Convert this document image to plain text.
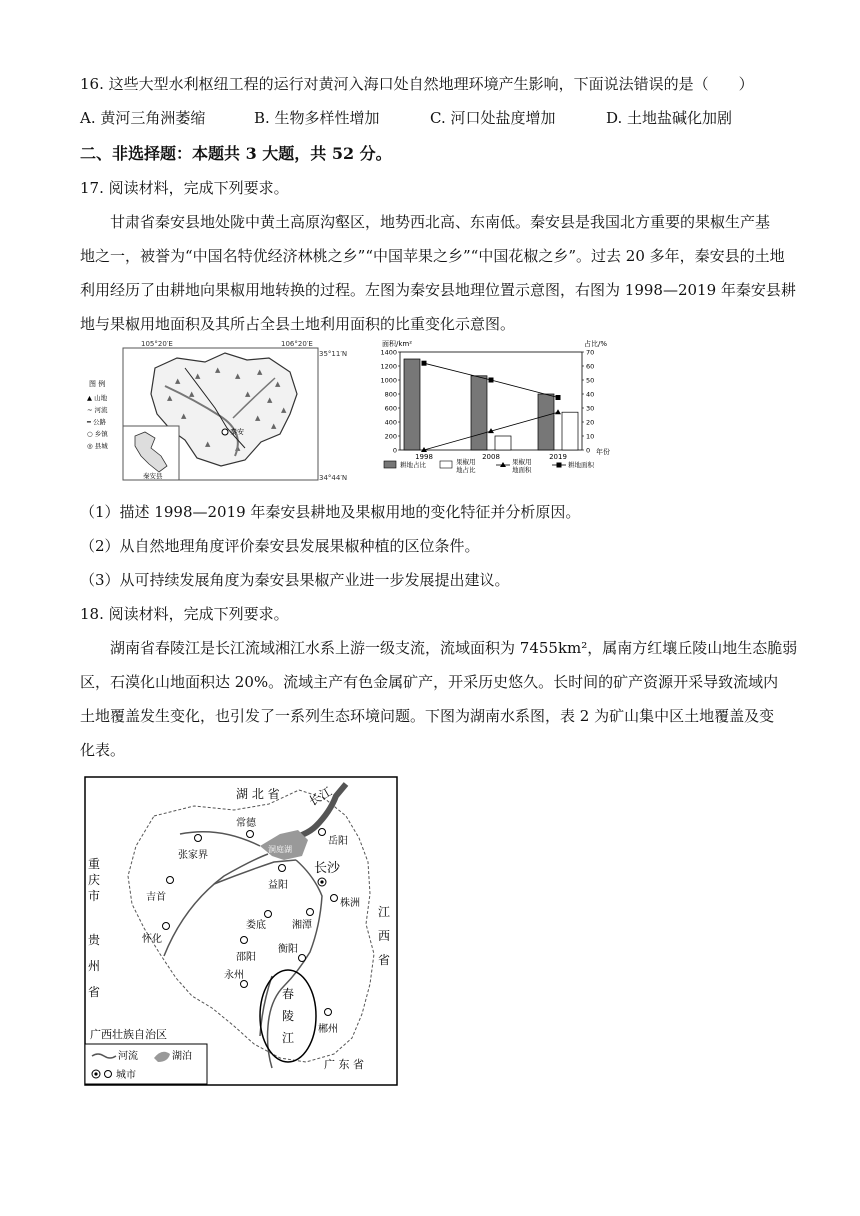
16. 这些大型水利枢纽工程的运行对黄河入海口处自然地理环境产生影响，下面说法错误的是（　　）
A. 黄河三角洲萎缩	B. 生物多样性增加	C. 河口处盐度增加	D. 土地盐碱化加剧
二、非选择题：本题共 3 大题，共 52 分。
17. 阅读材料，完成下列要求。
甘肃省秦安县地处陇中黄土高原沟壑区，地势西北高、东南低。秦安县是我国北方重要的果椒生产基
地之一，被誉为“中国名特优经济林桃之乡”“中国苹果之乡”“中国花椒之乡”。过去 20 多年，秦安县的土地
利用经历了由耕地向果椒用地转换的过程。左图为秦安县地理位置示意图，右图为 1998—2019 年秦安县耕
地与果椒用地面积及其所占全县土地利用面积的比重变化示意图。
105°20′E	106°20′E
35°11′N
34°44′N
▲
▲
▲
▲ ▲
▲
▲ ▲	▲
▲
▲
▲	▲
▲
▲	▲
秦安
图 例
▲ 山地
∼ 河流
━ 公路
○ 乡镇
◎ 县城
秦安县
面积/km²	占比/%
年份
0
200
400
600
800
1000
1200
1400
0
10
20
30
40
50
60
70
1998	2008	2019
耕地占比	果椒用
地占比
果椒用
地面积
耕地面积
（1）描述 1998—2019 年秦安县耕地及果椒用地的变化特征并分析原因。
（2）从自然地理角度评价秦安县发展果椒种植的区位条件。
（3）从可持续发展角度为秦安县果椒产业进一步发展提出建议。
18. 阅读材料，完成下列要求。
湖南省春陵江是长江流域湘江水系上游一级支流，流域面积为 7455km²，属南方红壤丘陵山地生态脆弱
区，石漠化山地面积达 20%。流域主产有色金属矿产，开采历史悠久。长时间的矿产资源开采导致流域内
土地覆盖发生变化，也引发了一系列生态环境问题。下图为湖南水系图，表 2 为矿山集中区土地覆盖及变
化表。
湖 北 省 长江
广西壮族自治区
广 东 省
重
庆
市
贵
州
省
江
西
省
春
陵
江
洞庭湖
张家界
常德
岳阳
长沙
益阳
吉首
株洲
怀化
娄底	湘潭
邵阳
衡阳
永州
郴州
河流	湖泊
城市
